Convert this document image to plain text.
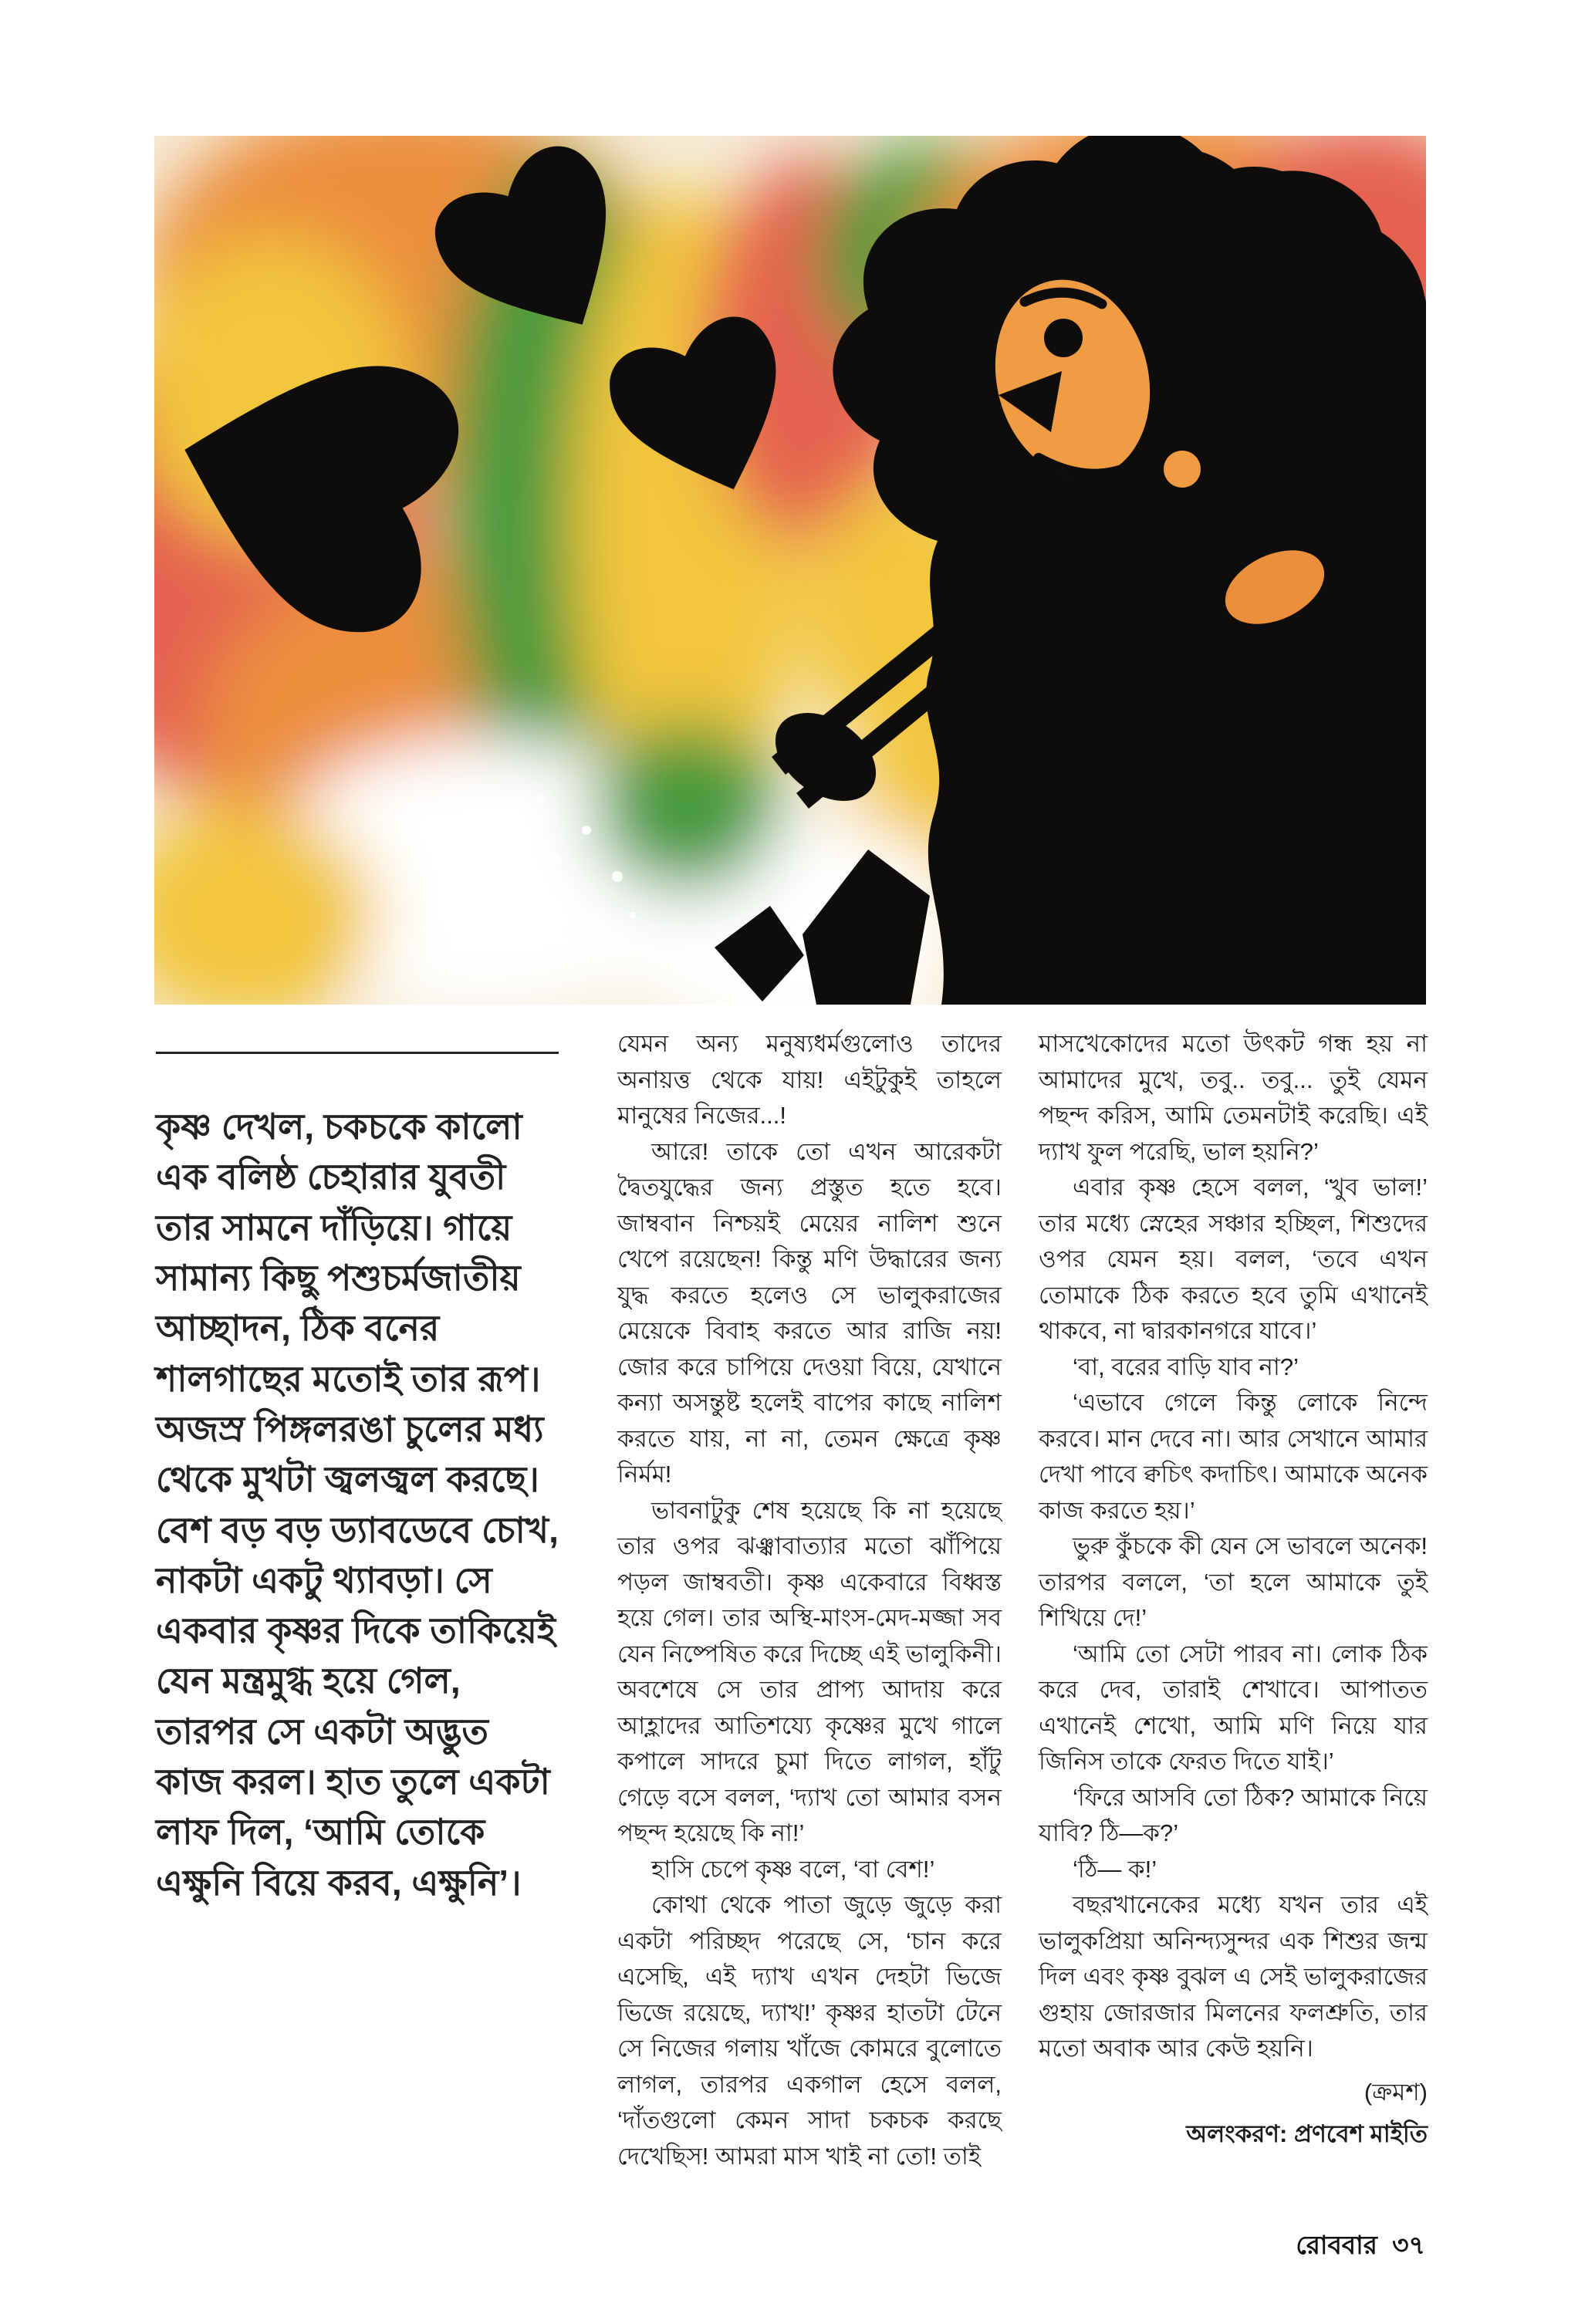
কৃষ্ণ দেখল, চকচকে কালো এক বলিষ্ঠ চেহারার যুবতী তার সামনে দাঁড়িয়ে। গায়ে সামান্য কিছু পশুচর্মজাতীয় আচ্ছাদন, ঠিক বনের শালগাছের মতোই তার রূপ। অজস্র পিঙ্গলরঙা চুলের মধ্য থেকে মুখটা জ্বলজ্বল করছে। বেশ বড় বড় ড্যাবডেবে চোখ, নাকটা একটু থ্যাবড়া। সে একবার কৃষ্ণর দিকে তাকিয়েই যেন মন্ত্রমুগ্ধ হয়ে গেল, তারপর সে একটা অদ্ভুত কাজ করল। হাত তুলে একটা লাফ দিল, ‘আমি তোকে এক্ষুনি বিয়ে করব, এক্ষুনি’।

যেমন অন্য মনুষ্যধর্মগুলোও তাদের অনায়ত্ত থেকে যায়! এইটুকুই তাহলে মানুষের নিজের...!

আরে! তাকে তো এখন আরেকটা দ্বৈতযুদ্ধের জন্য প্রস্তুত হতে হবে। জাম্ববান নিশ্চয়ই মেয়ের নালিশ শুনে খেপে রয়েছেন! কিন্তু মণি উদ্ধারের জন্য যুদ্ধ করতে হলেও সে ভালুকরাজের মেয়েকে বিবাহ করতে আর রাজি নয়! জোর করে চাপিয়ে দেওয়া বিয়ে, যেখানে কন্যা অসন্তুষ্ট হলেই বাপের কাছে নালিশ করতে যায়, না না, তেমন ক্ষেত্রে কৃষ্ণ নির্মম!

ভাবনাটুকু শেষ হয়েছে কি না হয়েছে তার ওপর ঝঞ্ঝাবাত্যার মতো ঝাঁপিয়ে পড়ল জাম্ববতী। কৃষ্ণ একেবারে বিধ্বস্ত হয়ে গেল। তার অস্থি-মাংস-মেদ-মজ্জা সব যেন নিষ্পেষিত করে দিচ্ছে এই ভালুকিনী। অবশেষে সে তার প্রাপ্য আদায় করে আহ্লাদের আতিশয্যে কৃষ্ণের মুখে গালে কপালে সাদরে চুমা দিতে লাগল, হাঁটু গেড়ে বসে বলল, ‘দ্যাখ তো আমার বসন পছন্দ হয়েছে কি না!’

হাসি চেপে কৃষ্ণ বলে, ‘বা বেশ!’

কোথা থেকে পাতা জুড়ে জুড়ে করা একটা পরিচ্ছদ পরেছে সে, ‘চান করে এসেছি, এই দ্যাখ এখন দেহটা ভিজে ভিজে রয়েছে, দ্যাখ!’ কৃষ্ণর হাতটা টেনে সে নিজের গলায় খাঁজে কোমরে বুলোতে লাগল, তারপর একগাল হেসে বলল, ‘দাঁতগুলো কেমন সাদা চকচক করছে দেখেছিস! আমরা মাস খাই না তো! তাই

মাসখেকোদের মতো উৎকট গন্ধ হয় না আমাদের মুখে, তবু.. তবু... তুই যেমন পছন্দ করিস, আমি তেমনটাই করেছি। এই দ্যাখ ফুল পরেছি, ভাল হয়নি?’

এবার কৃষ্ণ হেসে বলল, ‘খুব ভাল!’ তার মধ্যে স্নেহের সঞ্চার হচ্ছিল, শিশুদের ওপর যেমন হয়। বলল, ‘তবে এখন তোমাকে ঠিক করতে হবে তুমি এখানেই থাকবে, না দ্বারকানগরে যাবে।’

‘বা, বরের বাড়ি যাব না?’

‘এভাবে গেলে কিন্তু লোকে নিন্দে করবে। মান দেবে না। আর সেখানে আমার দেখা পাবে ক্বচিৎ কদাচিৎ। আমাকে অনেক কাজ করতে হয়।’

ভুরু কুঁচকে কী যেন সে ভাবলে অনেক! তারপর বললে, ‘তা হলে আমাকে তুই শিখিয়ে দে!’

‘আমি তো সেটা পারব না। লোক ঠিক করে দেব, তারাই শেখাবে। আপাতত এখানেই শেখো, আমি মণি নিয়ে যার জিনিস তাকে ফেরত দিতে যাই।’

‘ফিরে আসবি তো ঠিক? আমাকে নিয়ে যাবি? ঠি—ক?’

‘ঠি— ক!’

বছরখানেকের মধ্যে যখন তার এই ভালুকপ্রিয়া অনিন্দ্যসুন্দর এক শিশুর জন্ম দিল এবং কৃষ্ণ বুঝল এ সেই ভালুকরাজের গুহায় জোরজার মিলনের ফলশ্রুতি, তার মতো অবাক আর কেউ হয়নি।

(ক্রমশ)

অলংকরণ: প্রণবেশ মাইতি

রোববার ৩৭
